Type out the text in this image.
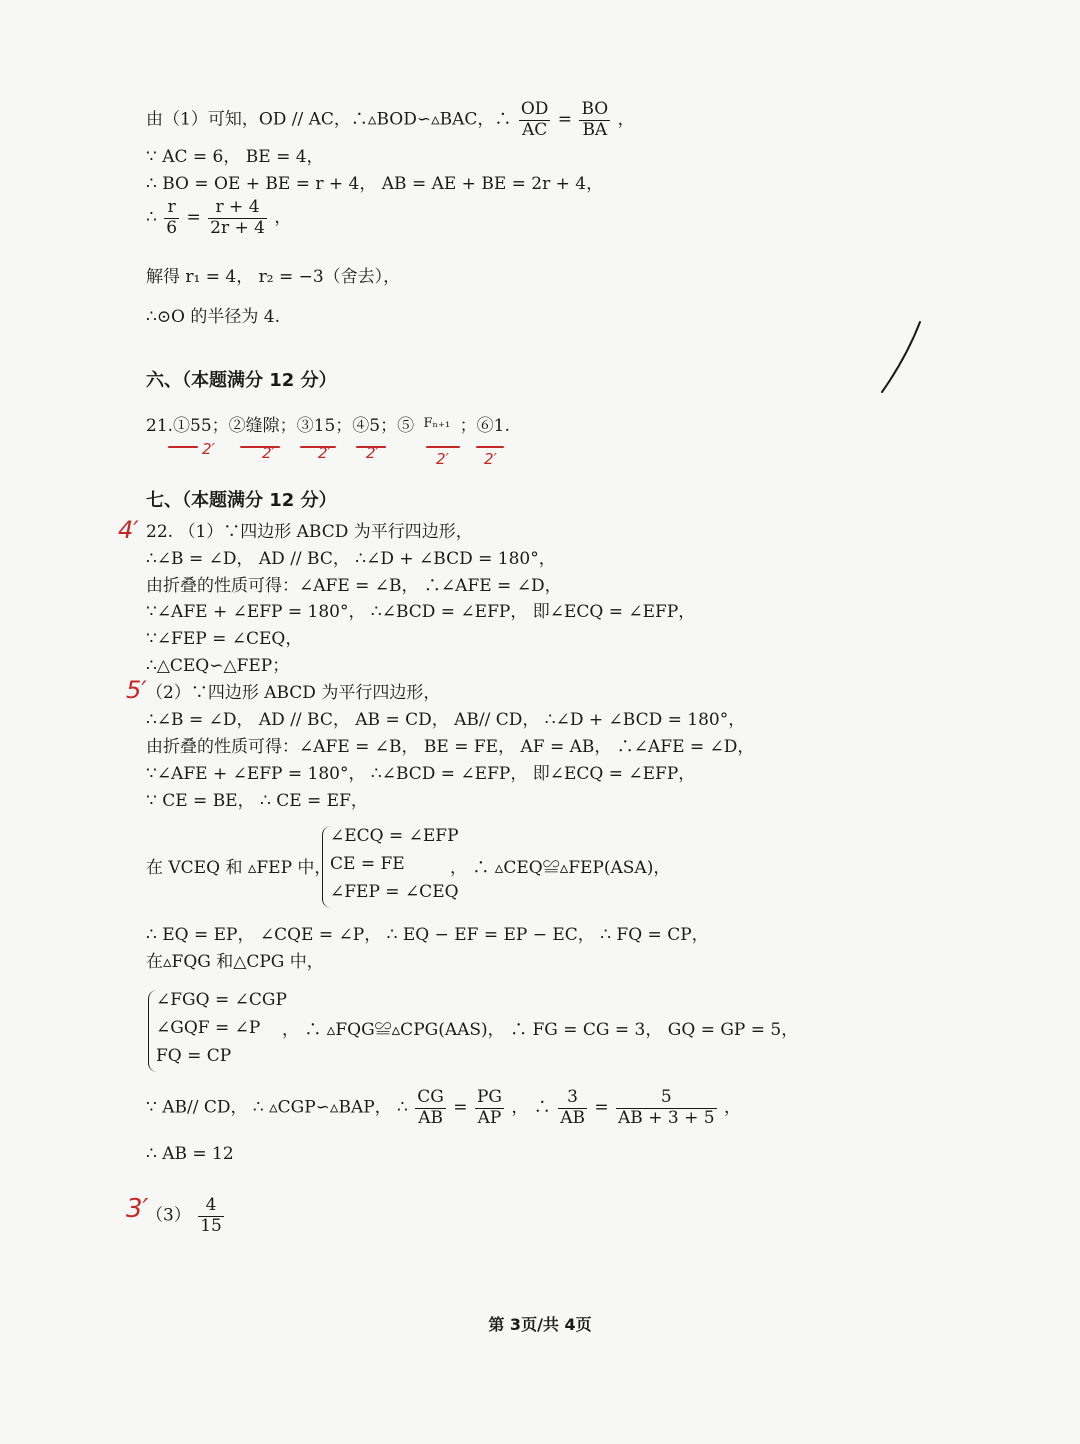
由（1）可知，OD // AC，∴▵BOD∽▵BAC，∴ $\frac{OD}{AC} = \frac{BO}{BA}$ ，
∵ AC = 6， BE = 4，
∴ BO = OE + BE = r + 4， AB = AE + BE = 2r + 4，
∴ $\frac{r}{6} = \frac{r + 4}{2r + 4}$ ，
解得 r₁ = 4， r₂ = −3（舍去），
∴⊙O 的半径为 4.
六、（本题满分 12 分）
21.①55；②缝隙；③15；④5；⑤ Fₙ₊₁ ；⑥1.
2′	2′	2′ 2′	2′ 2′
七、（本题满分 12 分）
4′ 22. （1）∵四边形 ABCD 为平行四边形，
∴∠B = ∠D， AD // BC， ∴∠D + ∠BCD = 180°，
由折叠的性质可得：∠AFE = ∠B， ∴∠AFE = ∠D，
∵∠AFE + ∠EFP = 180°， ∴∠BCD = ∠EFP， 即∠ECQ = ∠EFP，
∵∠FEP = ∠CEQ，
∴△CEQ∽△FEP；
5′ （2）∵四边形 ABCD 为平行四边形，
∴∠B = ∠D， AD // BC， AB = CD， AB// CD， ∴∠D + ∠BCD = 180°，
由折叠的性质可得：∠AFE = ∠B， BE = FE， AF = AB， ∴∠AFE = ∠D，
∵∠AFE + ∠EFP = 180°， ∴∠BCD = ∠EFP， 即∠ECQ = ∠EFP，
∵ CE = BE， ∴ CE = EF，
在 VCEQ 和 ▵FEP 中，
∠ECQ = ∠EFP
CE = FE
∠FEP = ∠CEQ
， ∴ ▵CEQ≌▵FEP(ASA)，
∴ EQ = EP， ∠CQE = ∠P， ∴ EQ − EF = EP − EC， ∴ FQ = CP，
在▵FQG 和△CPG 中，
∠FGQ = ∠CGP
∠GQF = ∠P
FQ = CP
， ∴ ▵FQG≌▵CPG(AAS)， ∴ FG = CG = 3， GQ = GP = 5，
∵ AB// CD， ∴ ▵CGP∽▵BAP， ∴ $\frac{CG}{AB} = \frac{PG}{AP}$ ， ∴ $\frac{3}{AB} = \frac{5}{AB + 3 + 5}$ ，
∴ AB = 12
3′
$(3) \frac{4}{15}$
第 3页/共 4页
